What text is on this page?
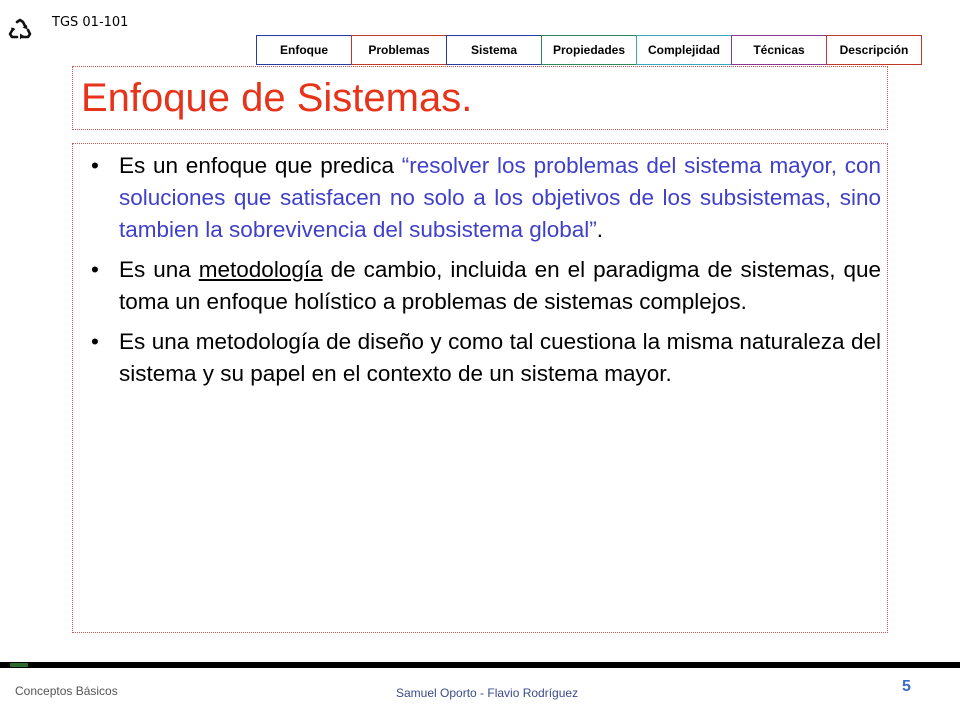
TGS 01-101
Enfoque	Problemas	Sistema	Propiedades	Complejidad	Técnicas	Descripción
Enfoque de Sistemas.
• Es un enfoque que predica “resolver los problemas del sistema mayor, con soluciones que satisfacen no solo a los objetivos de los subsistemas, sino tambien la sobrevivencia del subsistema global”.
• Es una metodología de cambio, incluida en el paradigma de sistemas, que toma un enfoque holístico a problemas de sistemas complejos.
• Es una metodología de diseño y como tal cuestiona la misma naturaleza del sistema y su papel en el contexto de un sistema mayor.
Conceptos Básicos	Samuel Oporto - Flavio Rodríguez	5
